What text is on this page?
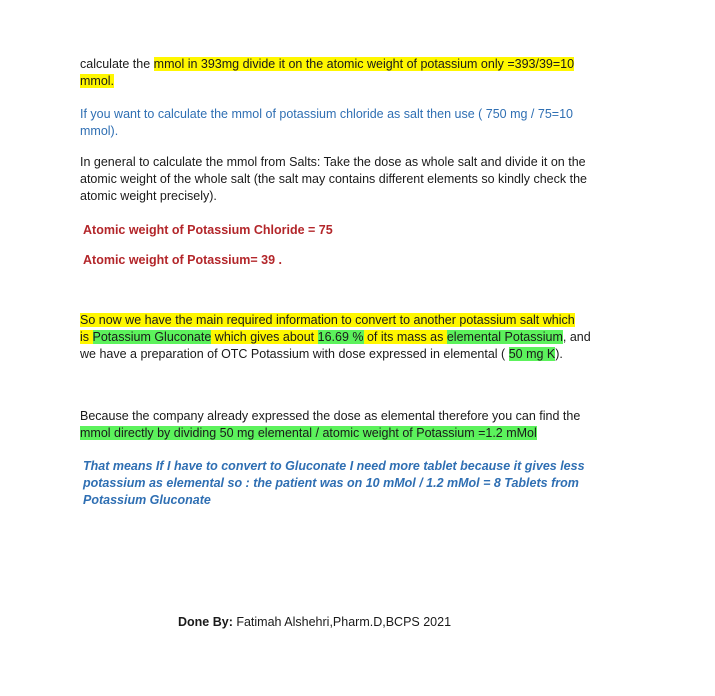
calculate the mmol in 393mg divide it on the atomic weight of potassium only =393/39=10
mmol.
If you want to calculate the mmol of potassium chloride as salt then use ( 750 mg / 75=10
mmol).
In general to calculate the mmol from Salts: Take the dose as whole salt and divide it on the
atomic weight of the whole salt (the salt may contains different elements so kindly check the
atomic weight precisely).
Atomic weight of Potassium Chloride = 75
Atomic weight of Potassium= 39 .
So now we have the main required information to convert to another potassium salt which
is Potassium Gluconate which gives about 16.69 % of its mass as elemental Potassium, and
we have a preparation of OTC Potassium with dose expressed in elemental ( 50 mg K).
Because the company already expressed the dose as elemental therefore you can find the
mmol directly by dividing 50 mg elemental / atomic weight of Potassium =1.2 mMol
That means If I have to convert to Gluconate I need more tablet because it gives less
potassium as elemental so : the patient was on 10 mMol / 1.2 mMol = 8 Tablets from
Potassium Gluconate
Done By: Fatimah Alshehri,Pharm.D,BCPS 2021
